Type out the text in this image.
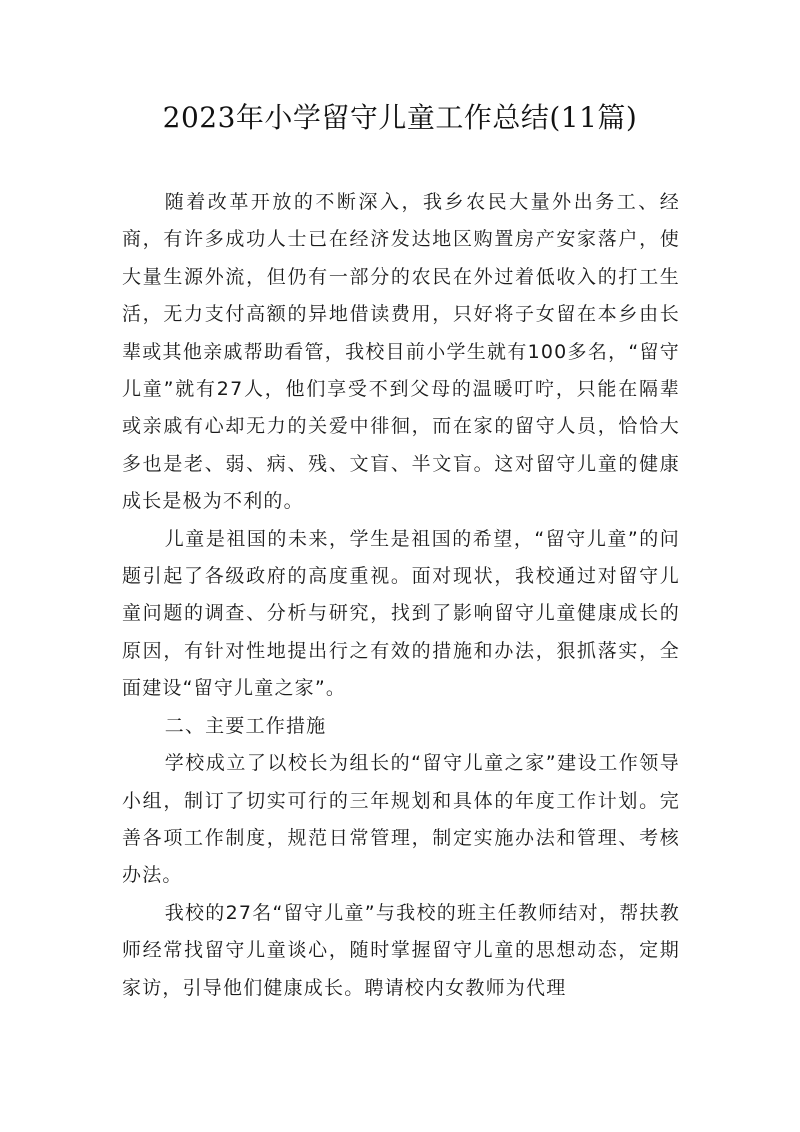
2023年小学留守儿童工作总结(11篇)

随着改革开放的不断深入，我乡农民大量外出务工、经商，有许多成功人士已在经济发达地区购置房产安家落户，使大量生源外流，但仍有一部分的农民在外过着低收入的打工生活，无力支付高额的异地借读费用，只好将子女留在本乡由长辈或其他亲戚帮助看管，我校目前小学生就有100多名，“留守儿童”就有27人，他们享受不到父母的温暖叮咛，只能在隔辈或亲戚有心却无力的关爱中徘徊，而在家的留守人员，恰恰大多也是老、弱、病、残、文盲、半文盲。这对留守儿童的健康成长是极为不利的。

儿童是祖国的未来，学生是祖国的希望，“留守儿童”的问题引起了各级政府的高度重视。面对现状，我校通过对留守儿童问题的调查、分析与研究，找到了影响留守儿童健康成长的原因，有针对性地提出行之有效的措施和办法，狠抓落实，全面建设“留守儿童之家”。

二、主要工作措施

学校成立了以校长为组长的“留守儿童之家”建设工作领导小组，制订了切实可行的三年规划和具体的年度工作计划。完善各项工作制度，规范日常管理，制定实施办法和管理、考核办法。

我校的27名“留守儿童”与我校的班主任教师结对，帮扶教师经常找留守儿童谈心，随时掌握留守儿童的思想动态，定期家访，引导他们健康成长。聘请校内女教师为代理
